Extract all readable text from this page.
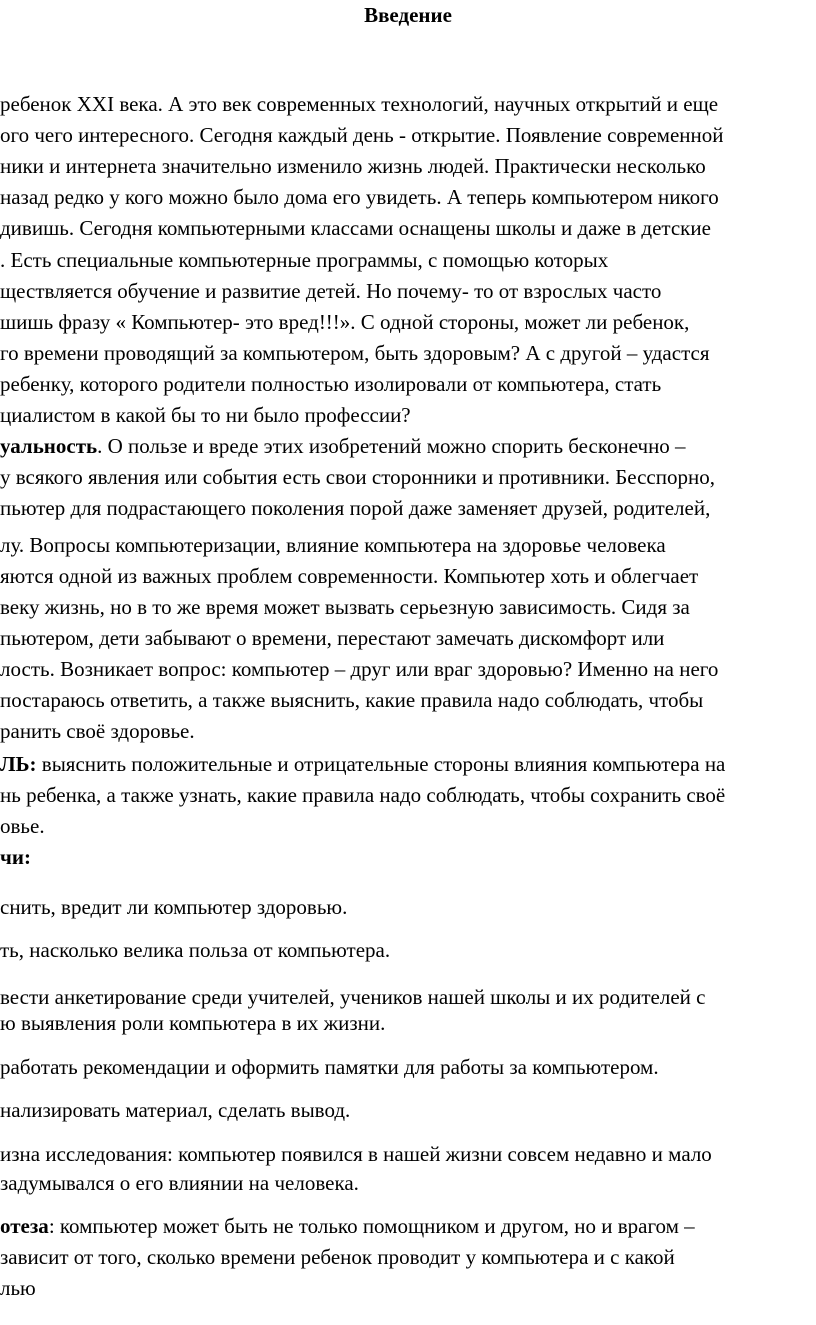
Введение
ребенок XXI века. А это век современных технологий, научных открытий и еще
ого чего интересного. Сегодня каждый день - открытие. Появление современной
ники и интернета значительно изменило жизнь людей. Практически несколько
назад редко у кого можно было дома его увидеть. А теперь компьютером никого
дивишь. Сегодня компьютерными классами оснащены школы и даже в детские
. Есть специальные компьютерные программы, с помощью которых
ществляется обучение и развитие детей. Но почему- то от взрослых часто
шишь фразу « Компьютер- это вред!!!». С одной стороны, может ли ребенок,
го времени проводящий за компьютером, быть здоровым? А с другой – удастся
ребенку, которого родители полностью изолировали от компьютера, стать
циалистом в какой бы то ни было профессии?
уальность. О пользе и вреде этих изобретений можно спорить бесконечно –
у всякого явления или события есть свои сторонники и противники. Бесспорно,
пьютер для подрастающего поколения порой даже заменяет друзей, родителей,
лу. Вопросы компьютеризации, влияние компьютера на здоровье человека
яются одной из важных проблем современности. Компьютер хоть и облегчает
веку жизнь, но в то же время может вызвать серьезную зависимость. Сидя за
пьютером, дети забывают о времени, перестают замечать дискомфорт или
лость. Возникает вопрос: компьютер – друг или враг здоровью? Именно на него
постараюсь ответить, а также выяснить, какие правила надо соблюдать, чтобы
ранить своё здоровье.
ЛЬ: выяснить положительные и отрицательные стороны влияния компьютера на
нь ребенка, а также узнать, какие правила надо соблюдать, чтобы сохранить своё
овье.
чи:
снить, вредит ли компьютер здоровью.
ть, насколько велика польза от компьютера.
вести анкетирование среди учителей, учеников нашей школы и их родителей с
ю выявления роли компьютера в их жизни.
работать рекомендации и оформить памятки для работы за компьютером.
нализировать материал, сделать вывод.
изна исследования: компьютер появился в нашей жизни совсем недавно и мало
задумывался о его влиянии на человека.
отеза: компьютер может быть не только помощником и другом, но и врагом –
зависит от того, сколько времени ребенок проводит у компьютера и с какой
лью
